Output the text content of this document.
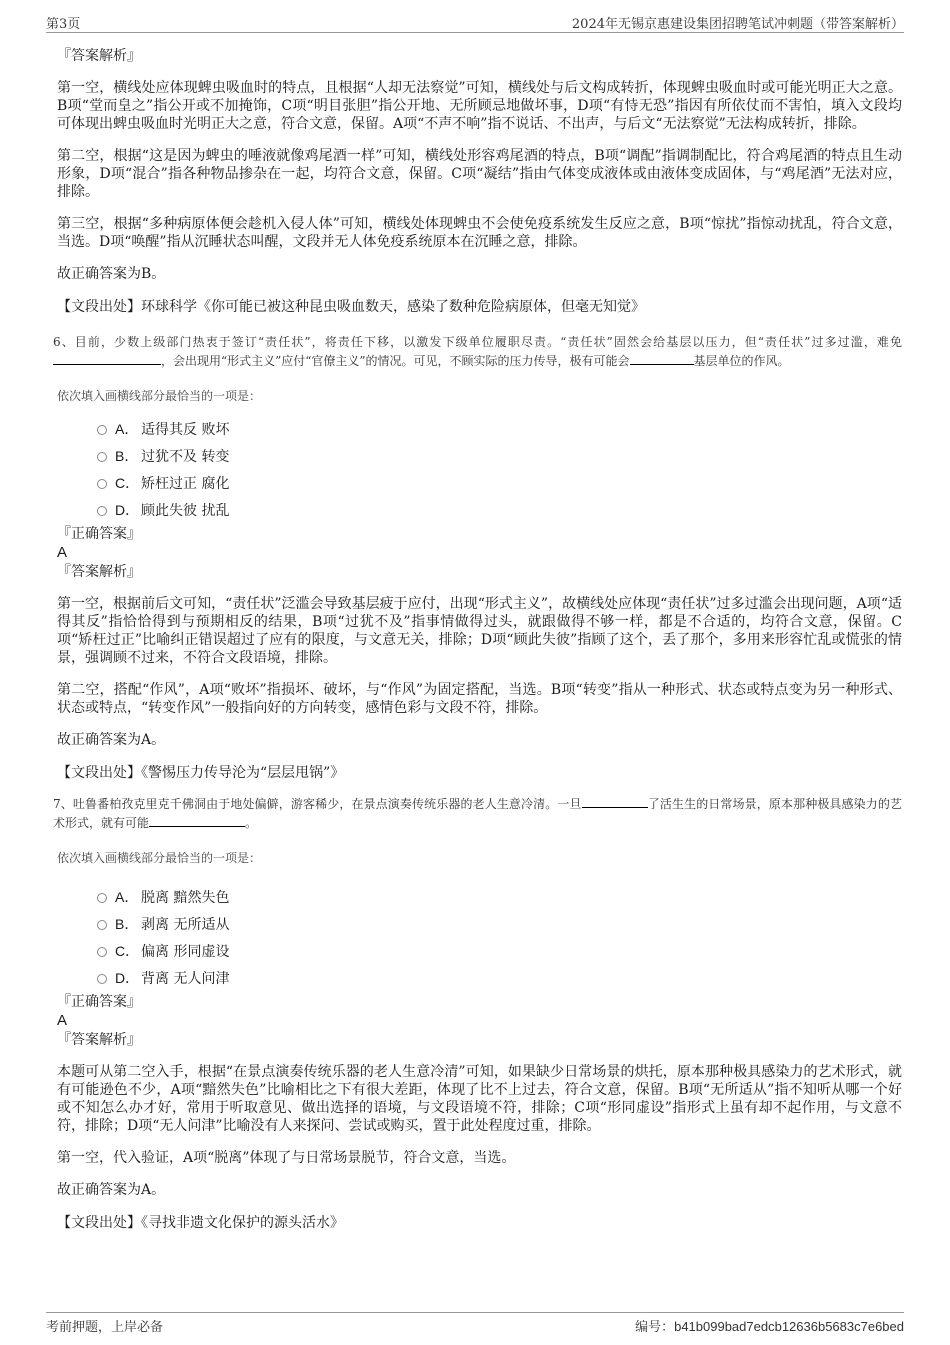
第3页	2024年无锡京惠建设集团招聘笔试冲刺题（带答案解析）

『答案解析』

第一空，横线处应体现蜱虫吸血时的特点，且根据“人却无法察觉”可知，横线处与后文构成转折，体现蜱虫吸血时或可能光明正大之意。B项“堂而皇之”指公开或不加掩饰，C项“明目张胆”指公开地、无所顾忌地做坏事，D项“有恃无恐”指因有所依仗而不害怕，填入文段均可体现出蜱虫吸血时光明正大之意，符合文意，保留。A项“不声不响”指不说话、不出声，与后文“无法察觉”无法构成转折，排除。

第二空，根据“这是因为蜱虫的唾液就像鸡尾酒一样”可知，横线处形容鸡尾酒的特点，B项“调配”指调制配比，符合鸡尾酒的特点且生动形象，D项“混合”指各种物品掺杂在一起，均符合文意，保留。C项“凝结”指由气体变成液体或由液体变成固体，与“鸡尾酒”无法对应，排除。

第三空，根据“多种病原体便会趁机入侵人体”可知，横线处体现蜱虫不会使免疫系统发生反应之意，B项“惊扰”指惊动扰乱，符合文意，当选。D项“唤醒”指从沉睡状态叫醒，文段并无人体免疫系统原本在沉睡之意，排除。

故正确答案为B。

【文段出处】环球科学《你可能已被这种昆虫吸血数天，感染了数种危险病原体，但毫无知觉》

6、目前，少数上级部门热衷于签订“责任状”，将责任下移，以激发下级单位履职尽责。“责任状”固然会给基层以压力，但“责任状”过多过滥，难免，会出现用“形式主义”应付“官僚主义”的情况。可见，不顾实际的压力传导，极有可能会	基层单位的作风。

依次填入画横线部分最恰当的一项是：

A． 适得其反 败坏
B． 过犹不及 转变
C． 矫枉过正 腐化
D． 顾此失彼 扰乱

『正确答案』

A

『答案解析』

第一空，根据前后文可知，“责任状”泛滥会导致基层疲于应付，出现“形式主义”，故横线处应体现“责任状”过多过滥会出现问题，A项“适得其反”指恰恰得到与预期相反的结果，B项“过犹不及”指事情做得过头，就跟做得不够一样，都是不合适的，均符合文意，保留。C项“矫枉过正”比喻纠正错误超过了应有的限度，与文意无关，排除；D项“顾此失彼”指顾了这个，丢了那个，多用来形容忙乱或慌张的情景，强调顾不过来，不符合文段语境，排除。

第二空，搭配“作风”，A项“败坏”指损坏、破坏，与“作风”为固定搭配，当选。B项“转变”指从一种形式、状态或特点变为另一种形式、状态或特点，“转变作风”一般指向好的方向转变，感情色彩与文段不符，排除。

故正确答案为A。

【文段出处】《警惕压力传导沦为“层层甩锅”》

7、吐鲁番柏孜克里克千佛洞由于地处偏僻，游客稀少，在景点演奏传统乐器的老人生意冷清。一旦	了活生生的日常场景，原本那种极具感染力的艺术形式，就有可能	。

依次填入画横线部分最恰当的一项是：

A． 脱离 黯然失色
B． 剥离 无所适从
C． 偏离 形同虚设
D． 背离 无人问津

『正确答案』

A

『答案解析』

本题可从第二空入手，根据“在景点演奏传统乐器的老人生意冷清”可知，如果缺少日常场景的烘托，原本那种极具感染力的艺术形式，就有可能逊色不少，A项“黯然失色”比喻相比之下有很大差距，体现了比不上过去，符合文意，保留。B项“无所适从”指不知听从哪一个好或不知怎么办才好，常用于听取意见、做出选择的语境，与文段语境不符，排除；C项“形同虚设”指形式上虽有却不起作用，与文意不符，排除；D项“无人问津”比喻没有人来探问、尝试或购买，置于此处程度过重，排除。

第一空，代入验证，A项“脱离”体现了与日常场景脱节，符合文意，当选。

故正确答案为A。

【文段出处】《寻找非遗文化保护的源头活水》

考前押题，上岸必备	编号：b41b099bad7edcb12636b5683c7e6bed
